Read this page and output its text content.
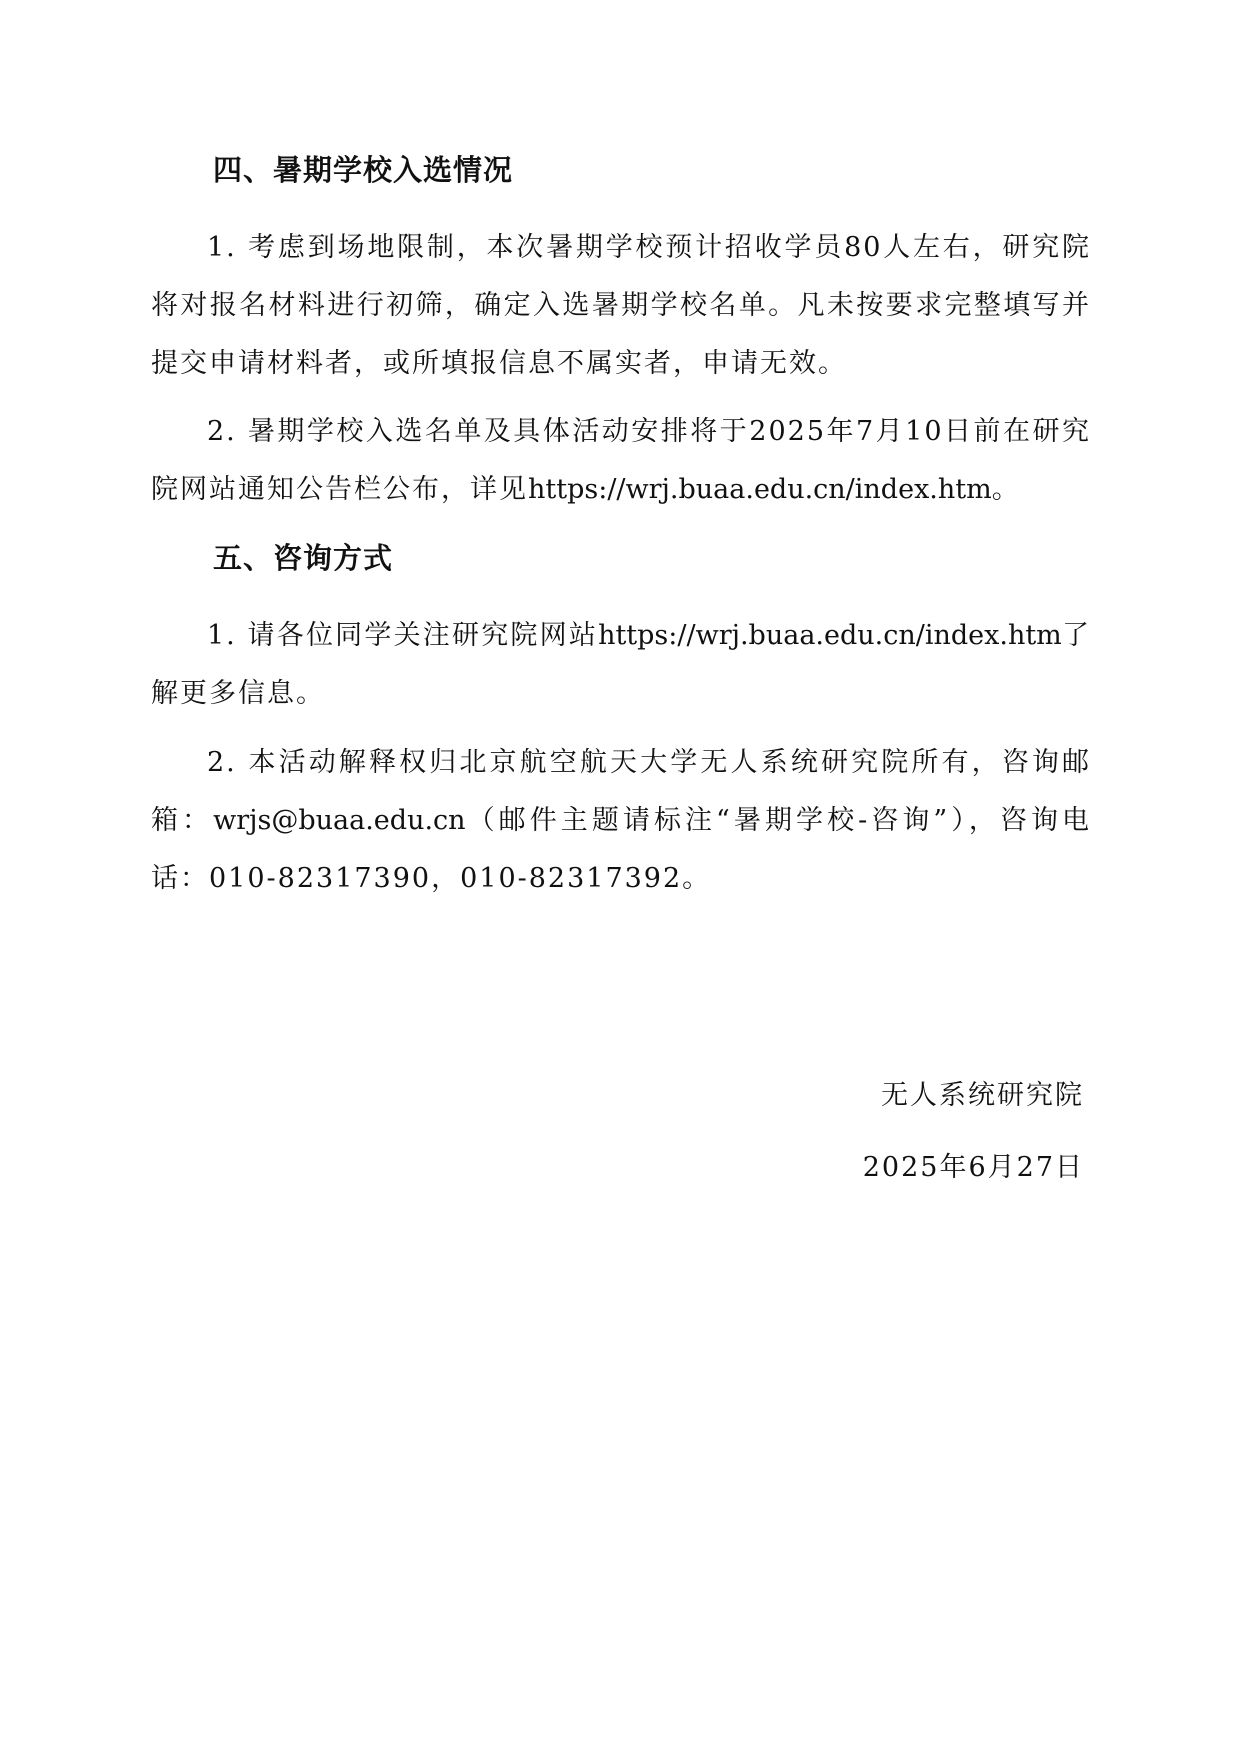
四、暑期学校入选情况
1. 考虑到场地限制，本次暑期学校预计招收学员80人左右，研究院将对报名材料进行初筛，确定入选暑期学校名单。凡未按要求完整填写并提交申请材料者，或所填报信息不属实者，申请无效。
2. 暑期学校入选名单及具体活动安排将于2025年7月10日前在研究院网站通知公告栏公布，详见https://wrj.buaa.edu.cn/index.htm。
五、咨询方式
1. 请各位同学关注研究院网站https://wrj.buaa.edu.cn/index.htm了解更多信息。
2. 本活动解释权归北京航空航天大学无人系统研究院所有，咨询邮箱：wrjs@buaa.edu.cn（邮件主题请标注“暑期学校-咨询”），咨询电话：010-82317390，010-82317392。
无人系统研究院
2025年6月27日
